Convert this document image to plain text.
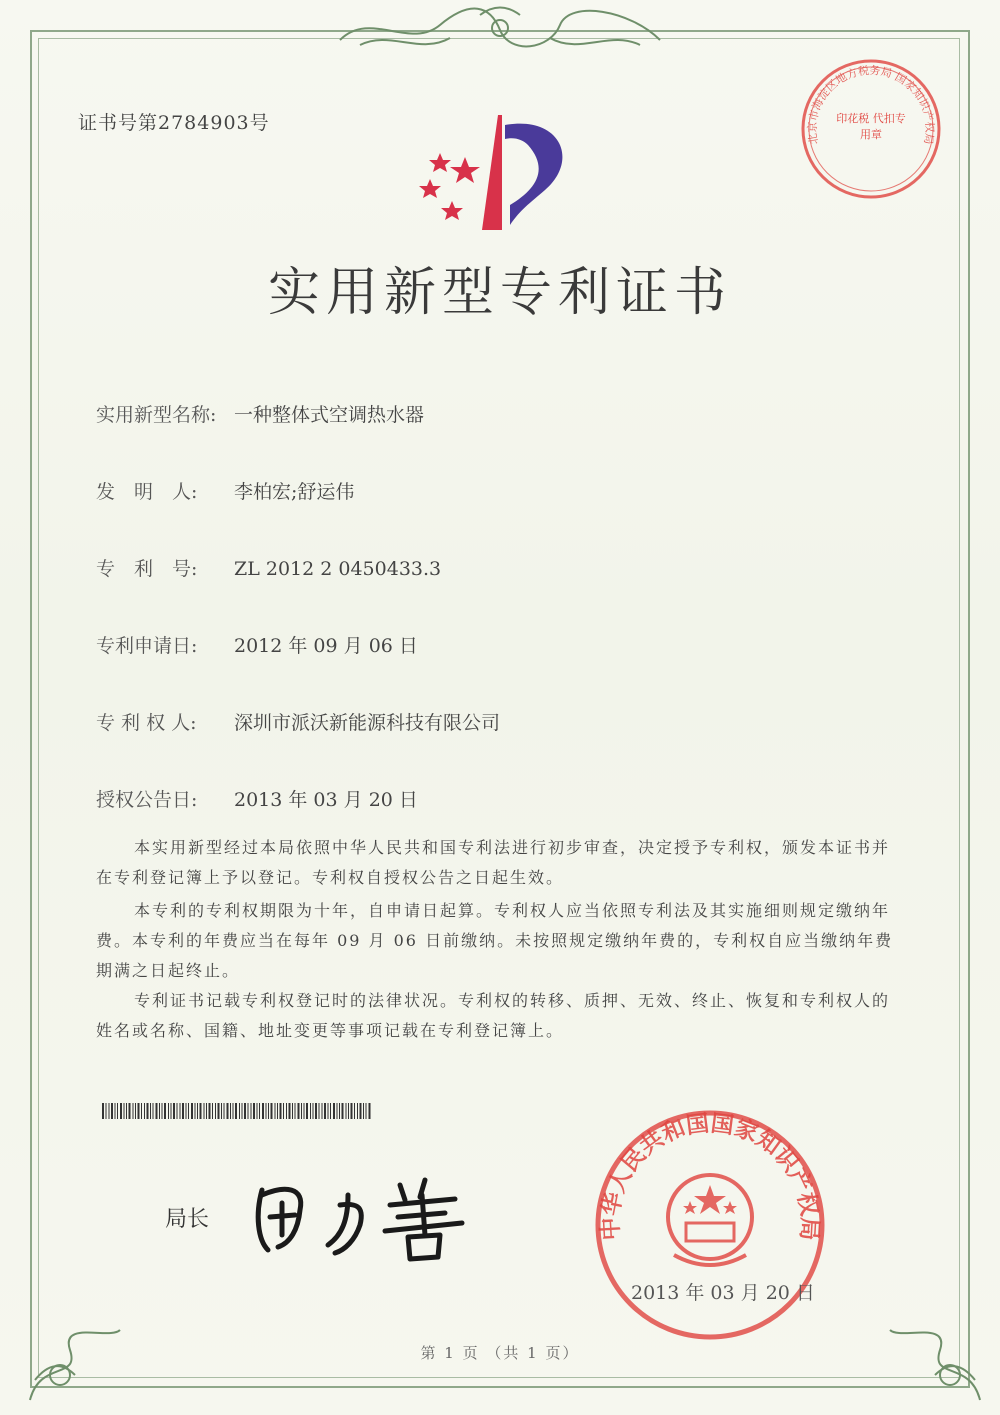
证书号第2784903号
实用新型专利证书
实用新型名称: 一种整体式空调热水器
发　明　人: 李柏宏;舒运伟
专　利　号: ZL 2012 2 0450433.3
专利申请日: 2012 年 09 月 06 日
专 利 权 人: 深圳市派沃新能源科技有限公司
授权公告日: 2013 年 03 月 20 日
本实用新型经过本局依照中华人民共和国专利法进行初步审查，决定授予专利权，颁发本证书并在专利登记簿上予以登记。专利权自授权公告之日起生效。
本专利的专利权期限为十年，自申请日起算。专利权人应当依照专利法及其实施细则规定缴纳年费。本专利的年费应当在每年 09 月 06 日前缴纳。未按照规定缴纳年费的，专利权自应当缴纳年费期满之日起终止。
专利证书记载专利权登记时的法律状况。专利权的转移、质押、无效、终止、恢复和专利权人的姓名或名称、国籍、地址变更等事项记载在专利登记簿上。
局长	中华人民共和国国家知识产权局
2013 年 03 月 20 日
北京市海淀区地方税务局 国家知识产权局
印花税 代扣专用章
第 1 页 （共 1 页）
